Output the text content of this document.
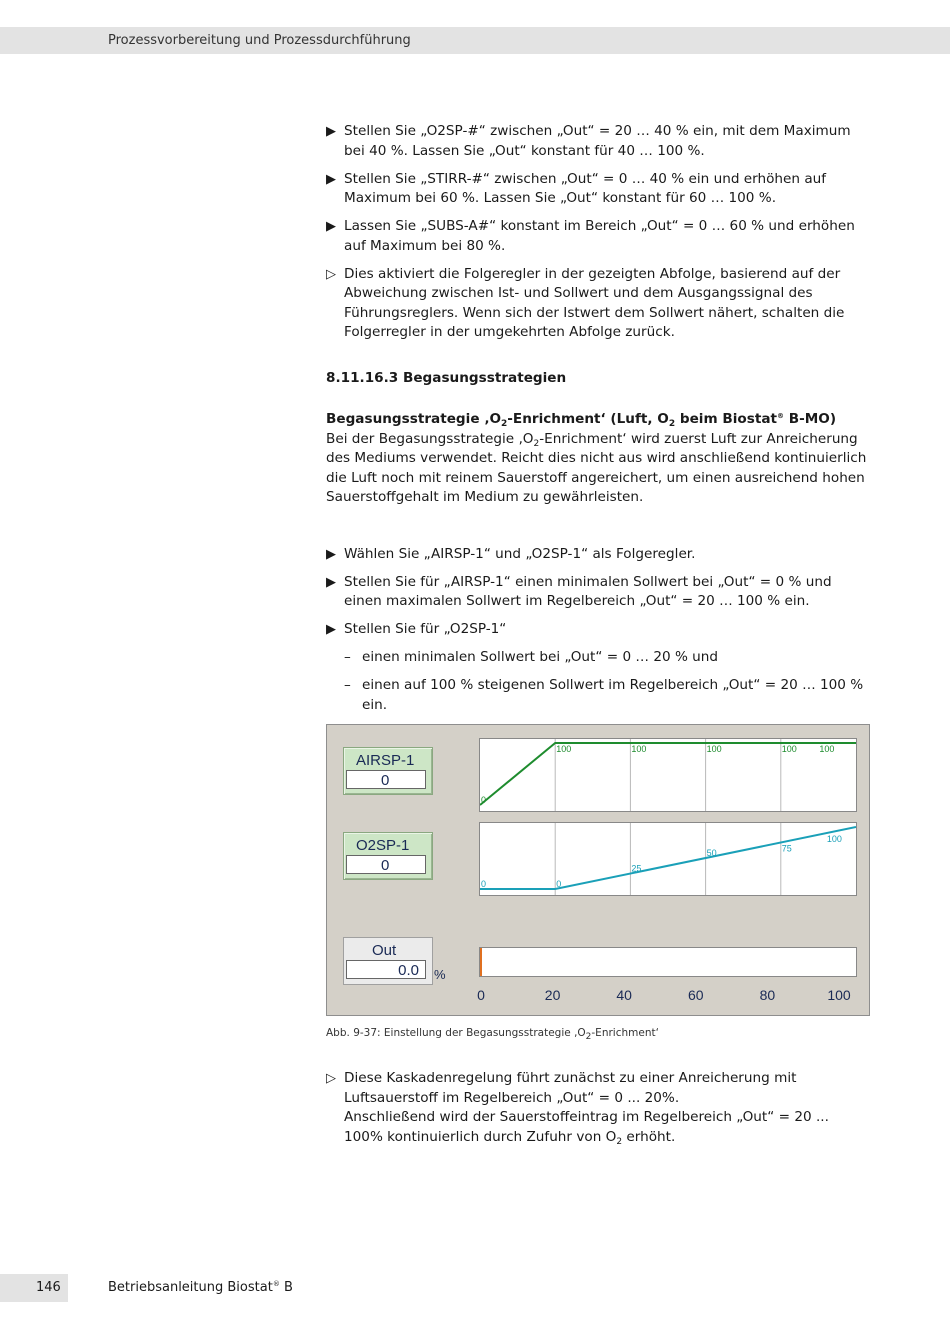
Prozessvorbereitung und Prozessdurchführung
▶ Stellen Sie „O2SP-#“ zwischen „Out“ = 20 … 40 % ein, mit dem Maximum bei 40 %. Lassen Sie „Out“ konstant für 40 … 100 %.
▶ Stellen Sie „STIRR-#“ zwischen „Out“ = 0 … 40 % ein und erhöhen auf Maximum bei 60 %. Lassen Sie „Out“ konstant für 60 … 100 %.
▶ Lassen Sie „SUBS-A#“ konstant im Bereich „Out“ = 0 … 60 % und erhöhen auf Maximum bei 80 %.
▷ Dies aktiviert die Folgeregler in der gezeigten Abfolge, basierend auf der Abweichung zwischen Ist- und Sollwert und dem Ausgangssignal des Führungsreglers. Wenn sich der Istwert dem Sollwert nähert, schalten die Folgerregler in der umgekehrten Abfolge zurück.
8.11.16.3 Begasungsstrategien
Begasungsstrategie $‚O_2-Enrichment‘$ (Luft, $O_2$ beim Biostat® B-MO)
Bei der Begasungsstrategie $‚O_2-Enrichment‘$ wird zuerst Luft zur Anreicherung des Mediums verwendet. Reicht dies nicht aus wird anschließend kontinuierlich die Luft noch mit reinem Sauerstoff angereichert, um einen ausreichend hohen Sauerstoffgehalt im Medium zu gewährleisten.
▶ Wählen Sie „AIRSP-1“ und „O2SP-1“ als Folgeregler.
▶ Stellen Sie für „AIRSP-1“ einen minimalen Sollwert bei „Out“ = 0 % und einen maximalen Sollwert im Regelbereich „Out“ = 20 … 100 % ein.
▶ Stellen Sie für „O2SP-1“
– einen minimalen Sollwert bei „Out“ = 0 … 20 % und
– einen auf 100 % steigenen Sollwert im Regelbereich „Out“ = 20 … 100 % ein.
AIRSP-1
0
O2SP-1
0
Out
0.0 %
0
100	100	100	100	100
0	0
25
50	75
100
0	20	40	60	80	100
Abb. 9-37: Einstellung der Begasungsstrategie $‚O_2-Enrichment‘$
▷ Diese Kaskadenregelung führt zunächst zu einer Anreicherung mit Luftsauerstoff im Regelbereich „Out“ = 0 ... 20%.
Anschließend wird der Sauerstoffeintrag im Regelbereich „Out“ = 20 ... 100% kontinuierlich durch Zufuhr von $O_2$ erhöht.
146	Betriebsanleitung Biostat® B
